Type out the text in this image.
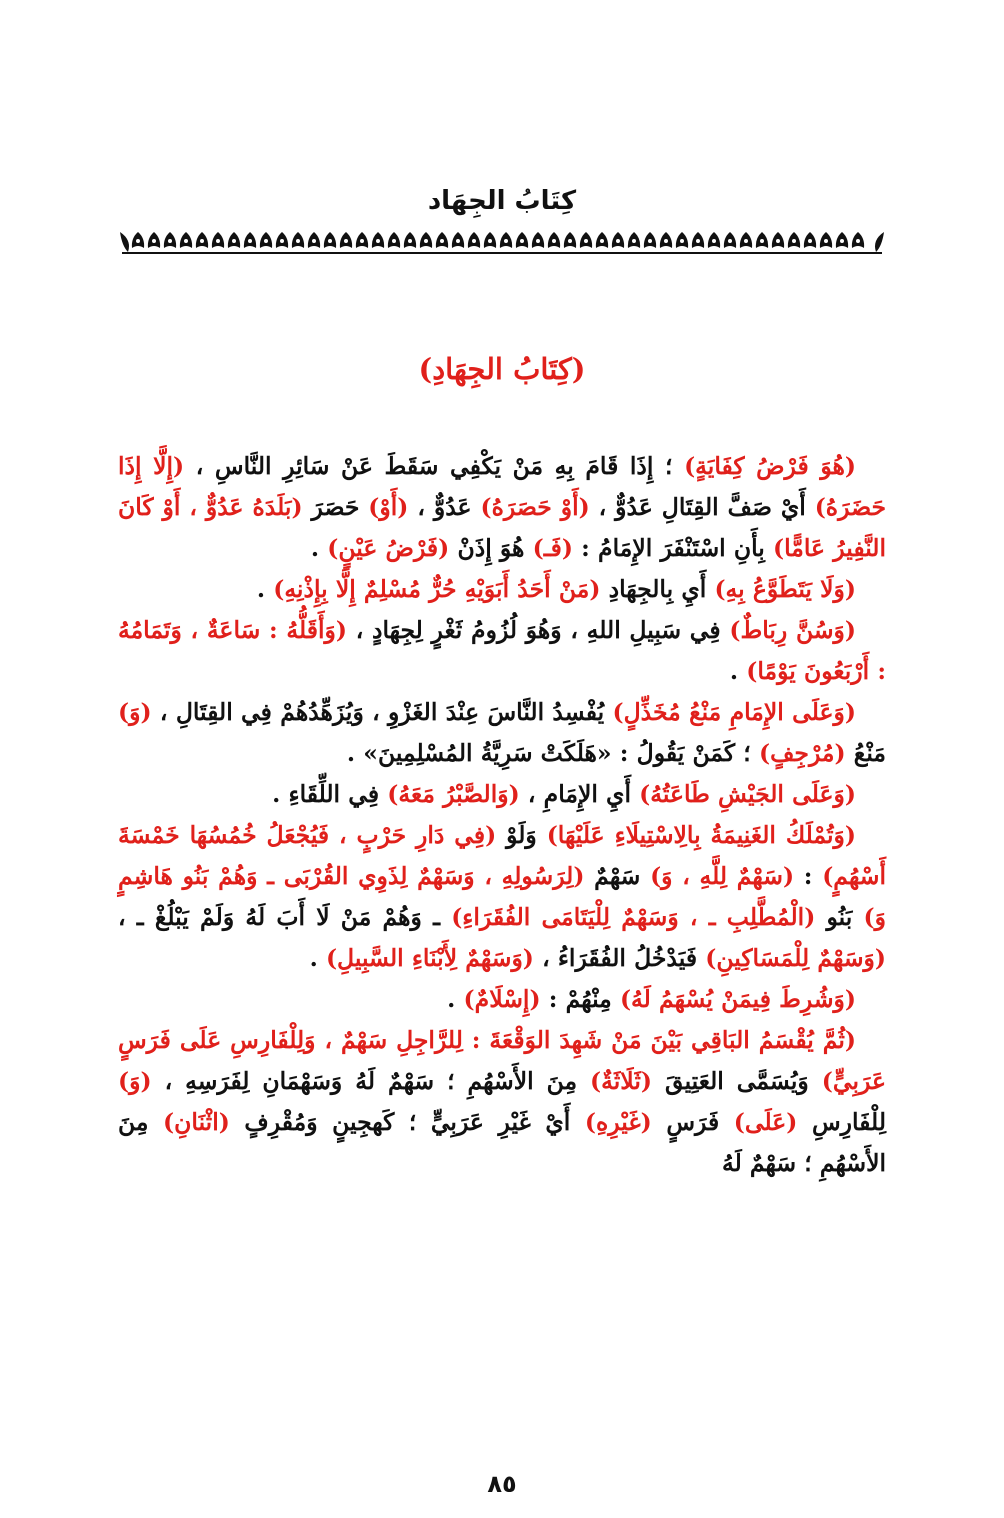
كِتَابُ الجِهَاد
(كِتَابُ الجِهَادِ)

(هُوَ فَرْضُ كِفَايَةٍ) ؛ إِذَا قَامَ بِهِ مَنْ يَكْفِي سَقَطَ عَنْ سَائِرِ النَّاسِ ، (إِلَّا إِذَا حَضَرَهُ) أَيْ صَفَّ القِتَالِ عَدُوٌّ ، (أَوْ حَصَرَهُ) عَدُوٌّ ، (أَوْ) حَصَرَ (بَلَدَهُ عَدُوٌّ ، أَوْ كَانَ النَّفِيرُ عَامًّا) بِأَنِ اسْتَنْفَرَ الإِمَامُ : (فَـ) هُوَ إِذَنْ (فَرْضُ عَيْنٍ) .

(وَلَا يَتَطَوَّعُ بِهِ) أَيِ بِالجِهَادِ (مَنْ أَحَدُ أَبَوَيْهِ حُرٌّ مُسْلِمٌ إِلَّا بِإِذْنِهِ) .

(وَسُنَّ رِبَاطٌ) فِي سَبِيلِ اللهِ ، وَهُوَ لُزُومُ ثَغْرٍ لِجِهَادٍ ، (وَأَقَلُّهُ : سَاعَةٌ ، وَتَمَامُهُ : أَرْبَعُونَ يَوْمًا) .

(وَعَلَى الإِمَامِ مَنْعُ مُخَذِّلٍ) يُفْسِدُ النَّاسَ عِنْدَ الغَزْوِ ، وَيُزَهِّدُهُمْ فِي القِتَالِ ، (وَ) مَنْعُ (مُرْجِفٍ) ؛ كَمَنْ يَقُولُ : «هَلَكَتْ سَرِيَّةُ المُسْلِمِينَ» .

(وَعَلَى الجَيْشِ طَاعَتُهُ) أَيِ الإِمَامِ ، (وَالصَّبْرُ مَعَهُ) فِي اللِّقَاءِ .

(وَتُمْلَكُ الغَنِيمَةُ بِالِاسْتِيلَاءِ عَلَيْهَا) وَلَوْ (فِي دَارِ حَرْبٍ ، فَيُجْعَلُ خُمُسُهَا خَمْسَةَ أَسْهُمٍ) : (سَهْمٌ لِلَّهِ ، وَ) سَهْمٌ (لِرَسُولِهِ ، وَسَهْمٌ لِذَوِي القُرْبَى ـ وَهُمْ بَنُو هَاشِمٍ وَ) بَنُو (الْمُطَّلِبِ ـ ، وَسَهْمٌ لِلْيَتَامَى الفُقَرَاءِ) ـ وَهُمْ مَنْ لَا أَبَ لَهُ وَلَمْ يَبْلُغْ ـ ، (وَسَهْمٌ لِلْمَسَاكِينِ) فَيَدْخُلُ الفُقَرَاءُ ، (وَسَهْمٌ لِأَبْنَاءِ السَّبِيلِ) .

(وَشُرِطَ فِيمَنْ يُسْهَمُ لَهُ) مِنْهُمْ : (إِسْلَامٌ) .

(ثُمَّ يُقْسَمُ البَاقِي بَيْنَ مَنْ شَهِدَ الوَقْعَةَ : لِلرَّاجِلِ سَهْمٌ ، وَلِلْفَارِسِ عَلَى فَرَسٍ عَرَبِيٍّ) وَيُسَمَّى العَتِيقَ (ثَلَاثَةٌ) مِنَ الأَسْهُمِ ؛ سَهْمٌ لَهُ وَسَهْمَانِ لِفَرَسِهِ ، (وَ) لِلْفَارِسِ (عَلَى) فَرَسٍ (غَيْرِهِ) أَيْ غَيْرِ عَرَبِيٍّ ؛ كَهجِينٍ وَمُقْرِفٍ (اثْنَانِ) مِنَ الأَسْهُمِ ؛ سَهْمٌ لَهُ

٨٥
